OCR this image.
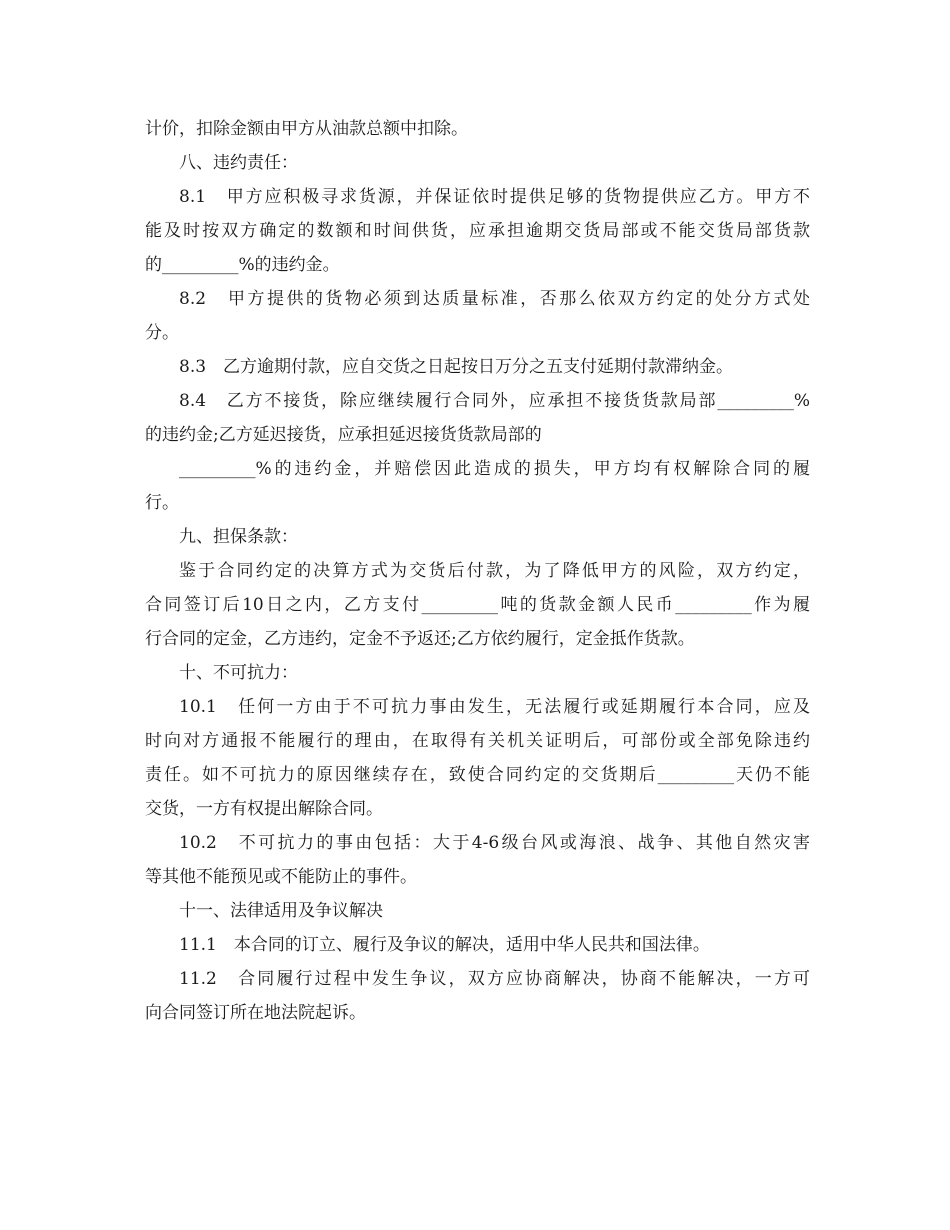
计价，扣除金额由甲方从油款总额中扣除。
八、违约责任：
8.1　甲方应积极寻求货源，并保证依时提供足够的货物提供应乙方。甲方不
能及时按双方确定的数额和时间供货，应承担逾期交货局部或不能交货局部货款
的_________%的违约金。
8.2　甲方提供的货物必须到达质量标准，否那么依双方约定的处分方式处
分。
8.3　乙方逾期付款，应自交货之日起按日万分之五支付延期付款滞纳金。
8.4　乙方不接货，除应继续履行合同外，应承担不接货货款局部_________%
的违约金;乙方延迟接货，应承担延迟接货货款局部的
_________%的违约金，并赔偿因此造成的损失，甲方均有权解除合同的履
行。
九、担保条款：
鉴于合同约定的决算方式为交货后付款，为了降低甲方的风险，双方约定，
合同签订后10日之内，乙方支付_________吨的货款金额人民币_________作为履
行合同的定金，乙方违约，定金不予返还;乙方依约履行，定金抵作货款。
十、不可抗力：
10.1　任何一方由于不可抗力事由发生，无法履行或延期履行本合同，应及
时向对方通报不能履行的理由，在取得有关机关证明后，可部份或全部免除违约
责任。如不可抗力的原因继续存在，致使合同约定的交货期后_________天仍不能
交货，一方有权提出解除合同。
10.2　不可抗力的事由包括：大于4-6级台风或海浪、战争、其他自然灾害
等其他不能预见或不能防止的事件。
十一、法律适用及争议解决
11.1　本合同的订立、履行及争议的解决，适用中华人民共和国法律。
11.2　合同履行过程中发生争议，双方应协商解决，协商不能解决，一方可
向合同签订所在地法院起诉。
